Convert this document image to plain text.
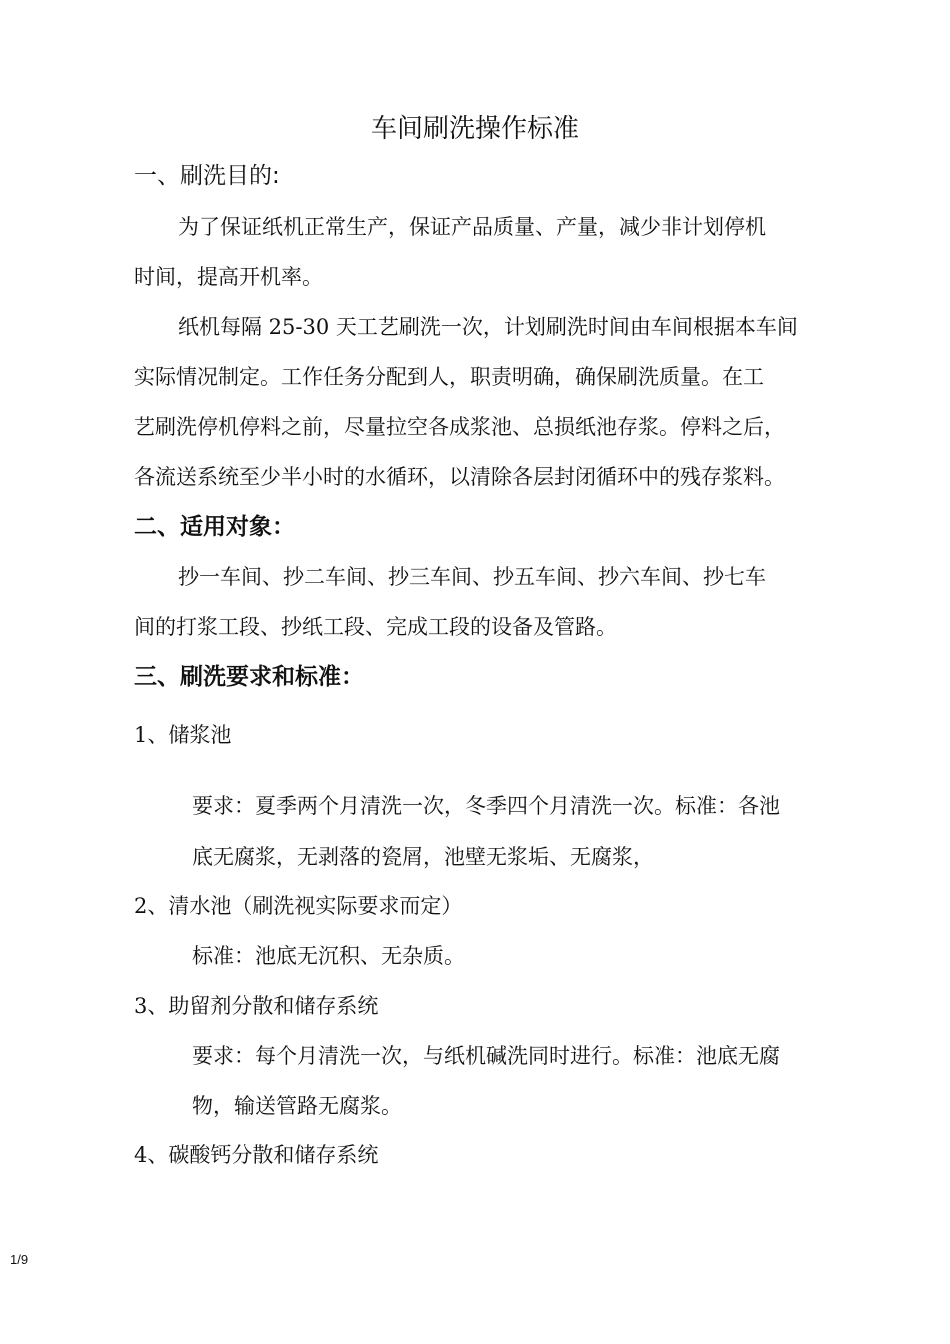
车间刷洗操作标准
一、刷洗目的:
为了保证纸机正常生产，保证产品质量、产量，减少非计划停机
时间，提高开机率。
纸机每隔 25-30 天工艺刷洗一次，计划刷洗时间由车间根据本车间
实际情况制定。工作任务分配到人，职责明确，确保刷洗质量。在工
艺刷洗停机停料之前，尽量拉空各成浆池、总损纸池存浆。停料之后，
各流送系统至少半小时的水循环，以清除各层封闭循环中的残存浆料。
二、适用对象：
抄一车间、抄二车间、抄三车间、抄五车间、抄六车间、抄七车
间的打浆工段、抄纸工段、完成工段的设备及管路。
三、刷洗要求和标准：
1、储浆池
要求：夏季两个月清洗一次，冬季四个月清洗一次。标准：各池
底无腐浆，无剥落的瓷屑，池壁无浆垢、无腐浆，
2、清水池（刷洗视实际要求而定）
标准：池底无沉积、无杂质。
3、助留剂分散和储存系统
要求：每个月清洗一次，与纸机碱洗同时进行。标准：池底无腐
物，输送管路无腐浆。
4、碳酸钙分散和储存系统
1/9
